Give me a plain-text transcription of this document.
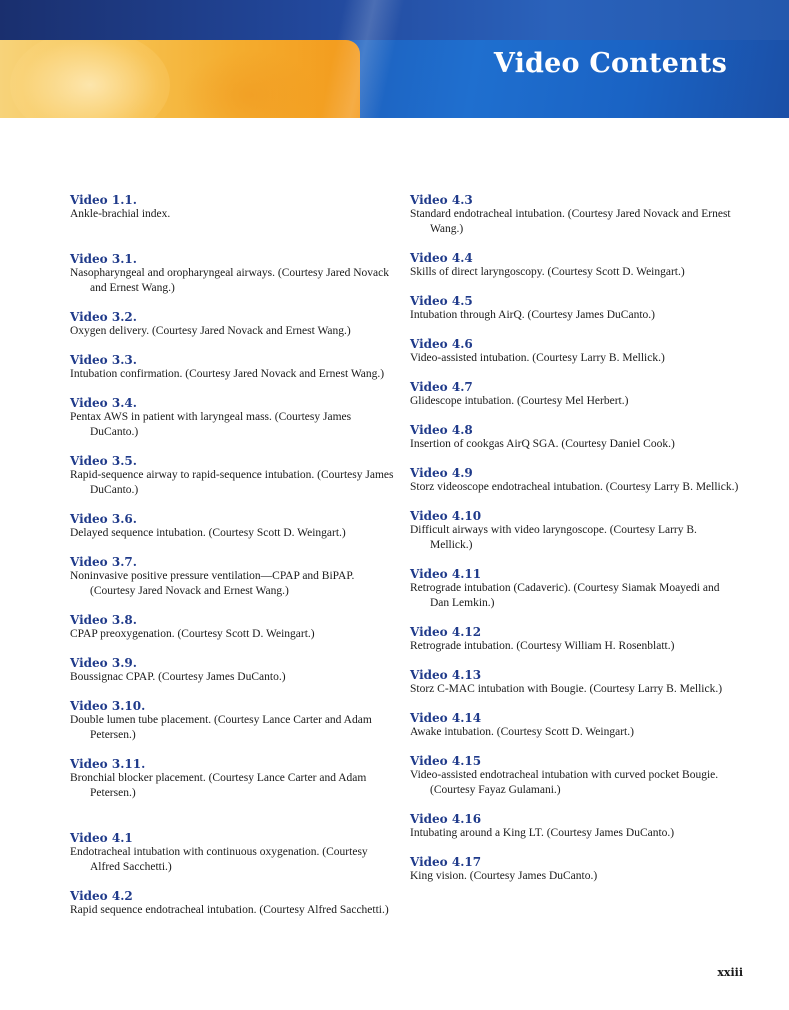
Video Contents
Video 1.1.
Ankle-brachial index.
Video 3.1.
Nasopharyngeal and oropharyngeal airways. (Courtesy Jared Novack and Ernest Wang.)
Video 3.2.
Oxygen delivery. (Courtesy Jared Novack and Ernest Wang.)
Video 3.3.
Intubation confirmation. (Courtesy Jared Novack and Ernest Wang.)
Video 3.4.
Pentax AWS in patient with laryngeal mass. (Courtesy James DuCanto.)
Video 3.5.
Rapid-sequence airway to rapid-sequence intubation. (Courtesy James DuCanto.)
Video 3.6.
Delayed sequence intubation. (Courtesy Scott D. Weingart.)
Video 3.7.
Noninvasive positive pressure ventilation—CPAP and BiPAP. (Courtesy Jared Novack and Ernest Wang.)
Video 3.8.
CPAP preoxygenation. (Courtesy Scott D. Weingart.)
Video 3.9.
Boussignac CPAP. (Courtesy James DuCanto.)
Video 3.10.
Double lumen tube placement. (Courtesy Lance Carter and Adam Petersen.)
Video 3.11.
Bronchial blocker placement. (Courtesy Lance Carter and Adam Petersen.)
Video 4.1
Endotracheal intubation with continuous oxygenation. (Courtesy Alfred Sacchetti.)
Video 4.2
Rapid sequence endotracheal intubation. (Courtesy Alfred Sacchetti.)
Video 4.3
Standard endotracheal intubation. (Courtesy Jared Novack and Ernest Wang.)
Video 4.4
Skills of direct laryngoscopy. (Courtesy Scott D. Weingart.)
Video 4.5
Intubation through AirQ. (Courtesy James DuCanto.)
Video 4.6
Video-assisted intubation. (Courtesy Larry B. Mellick.)
Video 4.7
Glidescope intubation. (Courtesy Mel Herbert.)
Video 4.8
Insertion of cookgas AirQ SGA. (Courtesy Daniel Cook.)
Video 4.9
Storz videoscope endotracheal intubation. (Courtesy Larry B. Mellick.)
Video 4.10
Difficult airways with video laryngoscope. (Courtesy Larry B. Mellick.)
Video 4.11
Retrograde intubation (Cadaveric). (Courtesy Siamak Moayedi and Dan Lemkin.)
Video 4.12
Retrograde intubation. (Courtesy William H. Rosenblatt.)
Video 4.13
Storz C-MAC intubation with Bougie. (Courtesy Larry B. Mellick.)
Video 4.14
Awake intubation. (Courtesy Scott D. Weingart.)
Video 4.15
Video-assisted endotracheal intubation with curved pocket Bougie. (Courtesy Fayaz Gulamani.)
Video 4.16
Intubating around a King LT. (Courtesy James DuCanto.)
Video 4.17
King vision. (Courtesy James DuCanto.)
xxiii
